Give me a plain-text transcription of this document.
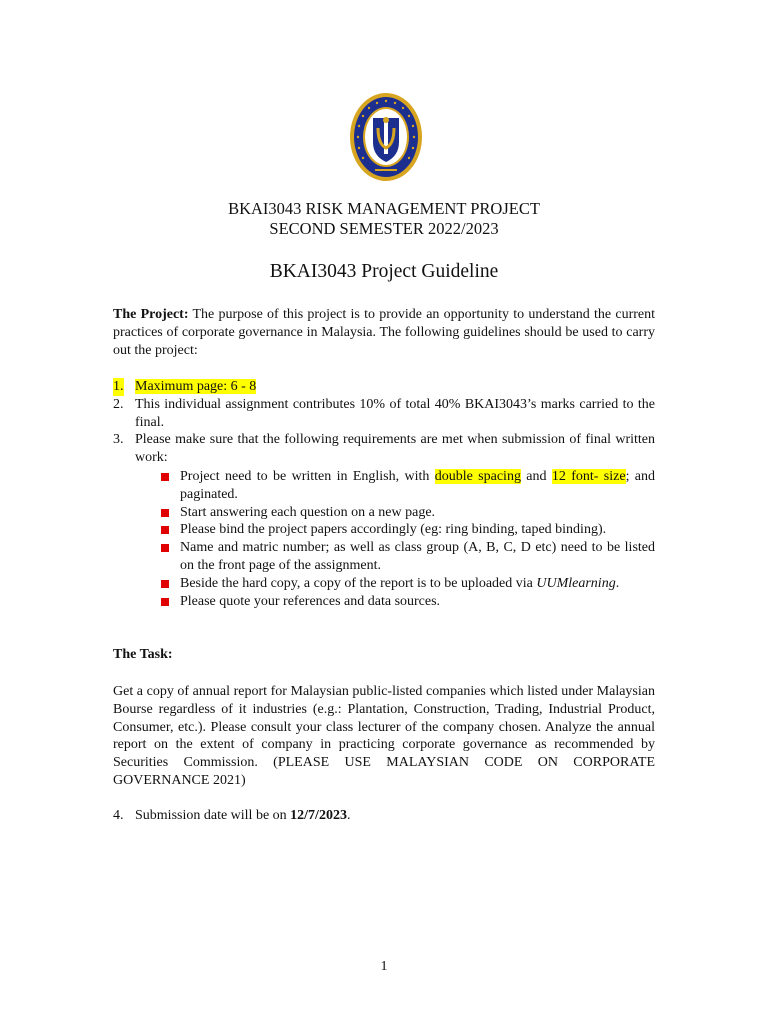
BKAI3043 RISK MANAGEMENT PROJECT
SECOND SEMESTER 2022/2023
BKAI3043 Project Guideline
The Project: The purpose of this project is to provide an opportunity to understand the current practices of corporate governance in Malaysia. The following guidelines should be used to carry out the project:
1. Maximum page: 6 - 8
2. This individual assignment contributes 10% of total 40% BKAI3043’s marks carried to the final.
3. Please make sure that the following requirements are met when submission of final written work:
Project need to be written in English, with double spacing and 12 font- size; and paginated.
Start answering each question on a new page.
Please bind the project papers accordingly (eg: ring binding, taped binding).
Name and matric number; as well as class group (A, B, C, D etc) need to be listed on the front page of the assignment.
Beside the hard copy, a copy of the report is to be uploaded via UUMlearning.
Please quote your references and data sources.
The Task:
Get a copy of annual report for Malaysian public-listed companies which listed under Malaysian Bourse regardless of it industries (e.g.: Plantation, Construction, Trading, Industrial Product, Consumer, etc.). Please consult your class lecturer of the company chosen. Analyze the annual report on the extent of company in practicing corporate governance as recommended by Securities Commission. (PLEASE USE MALAYSIAN CODE ON CORPORATE GOVERNANCE 2021)
4. Submission date will be on 12/7/2023.
1
